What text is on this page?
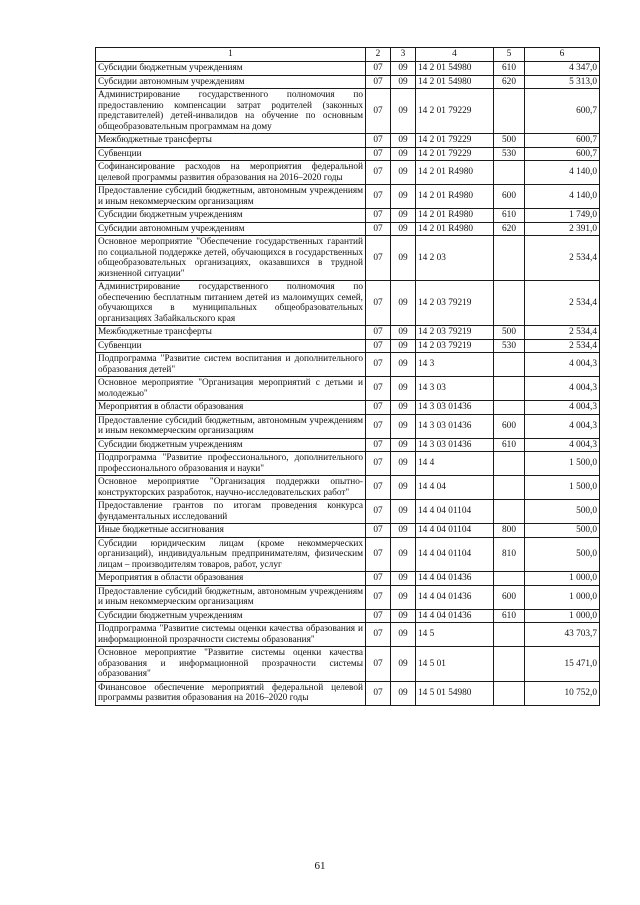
1	2	3	4	5	6
Субсидии бюджетным учреждениям	07	09	14 2 01 54980	610	4 347,0
Субсидии автономным учреждениям	07	09	14 2 01 54980	620	5 313,0
Администрирование государственного полномочия по предоставлению компенсации затрат родителей (законных представителей) детей-инвалидов на обучение по основным общеобразовательным программам на дому	07	09	14 2 01 79229		600,7
Межбюджетные трансферты	07	09	14 2 01 79229	500	600,7
Субвенции	07	09	14 2 01 79229	530	600,7
Софинансирование расходов на мероприятия федеральной целевой программы развития образования на 2016–2020 годы	07	09	14 2 01 R4980		4 140,0
Предоставление субсидий бюджетным, автономным учреждениям и иным некоммерческим организациям	07	09	14 2 01 R4980	600	4 140,0
Субсидии бюджетным учреждениям	07	09	14 2 01 R4980	610	1 749,0
Субсидии автономным учреждениям	07	09	14 2 01 R4980	620	2 391,0
Основное мероприятие "Обеспечение государственных гарантий по социальной поддержке детей, обучающихся в государственных общеобразовательных организациях, оказавшихся в трудной жизненной ситуации"	07	09	14 2 03		2 534,4
Администрирование государственного полномочия по обеспечению бесплатным питанием детей из малоимущих семей, обучающихся в муниципальных общеобразовательных организациях Забайкальского края	07	09	14 2 03 79219		2 534,4
Межбюджетные трансферты	07	09	14 2 03 79219	500	2 534,4
Субвенции	07	09	14 2 03 79219	530	2 534,4
Подпрограмма "Развитие систем воспитания и дополнительного образования детей"	07	09	14 3		4 004,3
Основное мероприятие "Организация мероприятий с детьми и молодежью"	07	09	14 3 03		4 004,3
Мероприятия в области образования	07	09	14 3 03 01436		4 004,3
Предоставление субсидий бюджетным, автономным учреждениям и иным некоммерческим организациям	07	09	14 3 03 01436	600	4 004,3
Субсидии бюджетным учреждениям	07	09	14 3 03 01436	610	4 004,3
Подпрограмма "Развитие профессионального, дополнительного профессионального образования и науки"	07	09	14 4		1 500,0
Основное мероприятие "Организация поддержки опытно-конструкторских разработок, научно-исследовательских работ"	07	09	14 4 04		1 500,0
Предоставление грантов по итогам проведения конкурса фундаментальных исследований	07	09	14 4 04 01104		500,0
Иные бюджетные ассигнования	07	09	14 4 04 01104	800	500,0
Субсидии юридическим лицам (кроме некоммерческих организаций), индивидуальным предпринимателям, физическим лицам – производителям товаров, работ, услуг	07	09	14 4 04 01104	810	500,0
Мероприятия в области образования	07	09	14 4 04 01436		1 000,0
Предоставление субсидий бюджетным, автономным учреждениям и иным некоммерческим организациям	07	09	14 4 04 01436	600	1 000,0
Субсидии бюджетным учреждениям	07	09	14 4 04 01436	610	1 000,0
Подпрограмма "Развитие системы оценки качества образования и информационной прозрачности системы образования"	07	09	14 5		43 703,7
Основное мероприятие "Развитие системы оценки качества образования и информационной прозрачности системы образования"	07	09	14 5 01		15 471,0
Финансовое обеспечение мероприятий федеральной целевой программы развития образования на 2016–2020 годы	07	09	14 5 01 54980		10 752,0
61
